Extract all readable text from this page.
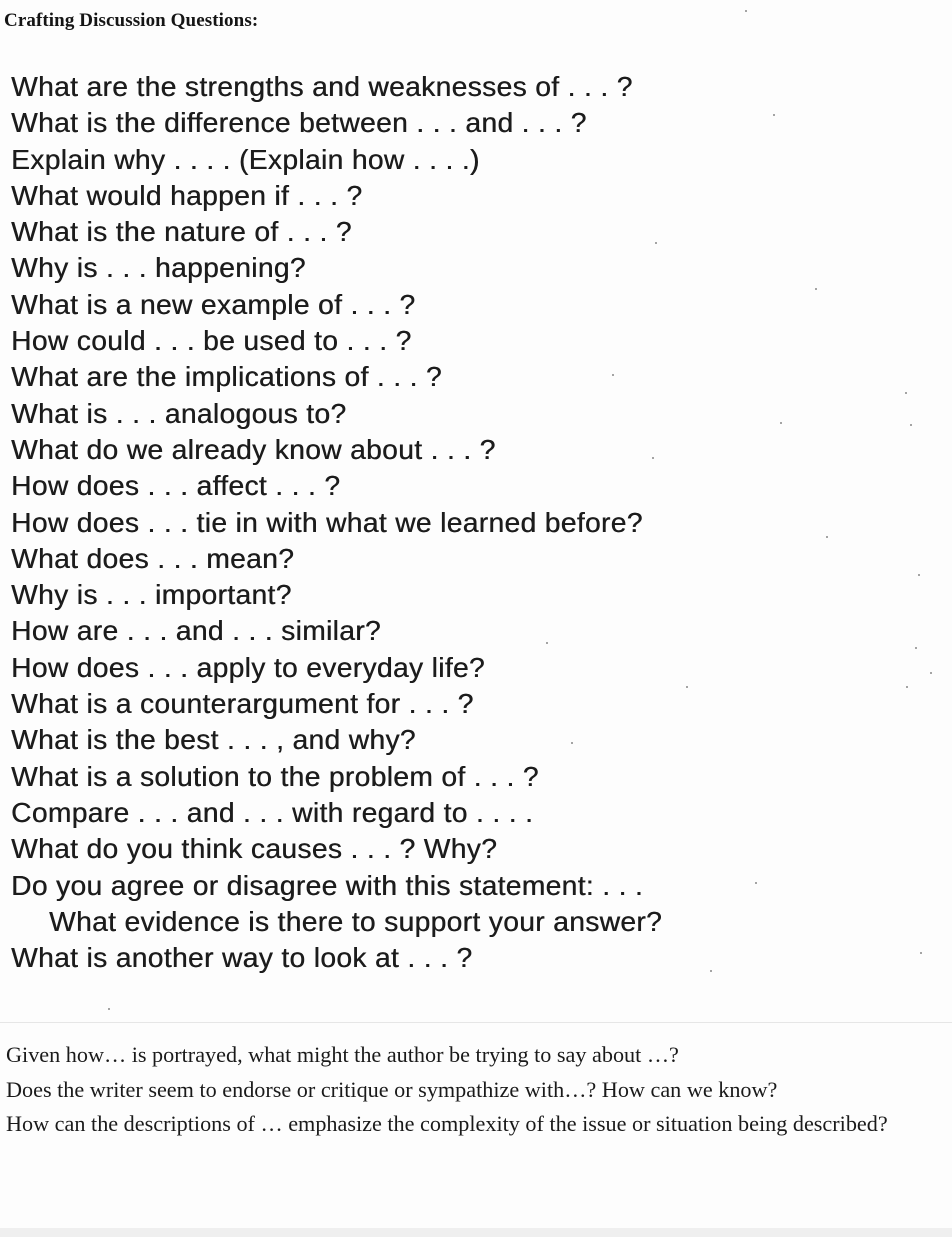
Crafting Discussion Questions:
What are the strengths and weaknesses of . . . ?
What is the difference between . . . and . . . ?
Explain why . . . . (Explain how . . . .)
What would happen if . . . ?
What is the nature of . . . ?
Why is . . . happening?
What is a new example of . . . ?
How could . . . be used to . . . ?
What are the implications of . . . ?
What is . . . analogous to?
What do we already know about . . . ?
How does . . . affect . . . ?
How does . . . tie in with what we learned before?
What does . . . mean?
Why is . . . important?
How are . . . and . . . similar?
How does . . . apply to everyday life?
What is a counterargument for . . . ?
What is the best . . . , and why?
What is a solution to the problem of . . . ?
Compare . . . and . . . with regard to . . . .
What do you think causes . . . ? Why?
Do you agree or disagree with this statement: . . .
What evidence is there to support your answer?
What is another way to look at . . . ?

Given how… is portrayed, what might the author be trying to say about …?

Does the writer seem to endorse or critique or sympathize with…? How can we know?

How can the descriptions of … emphasize the complexity of the issue or situation being described?
